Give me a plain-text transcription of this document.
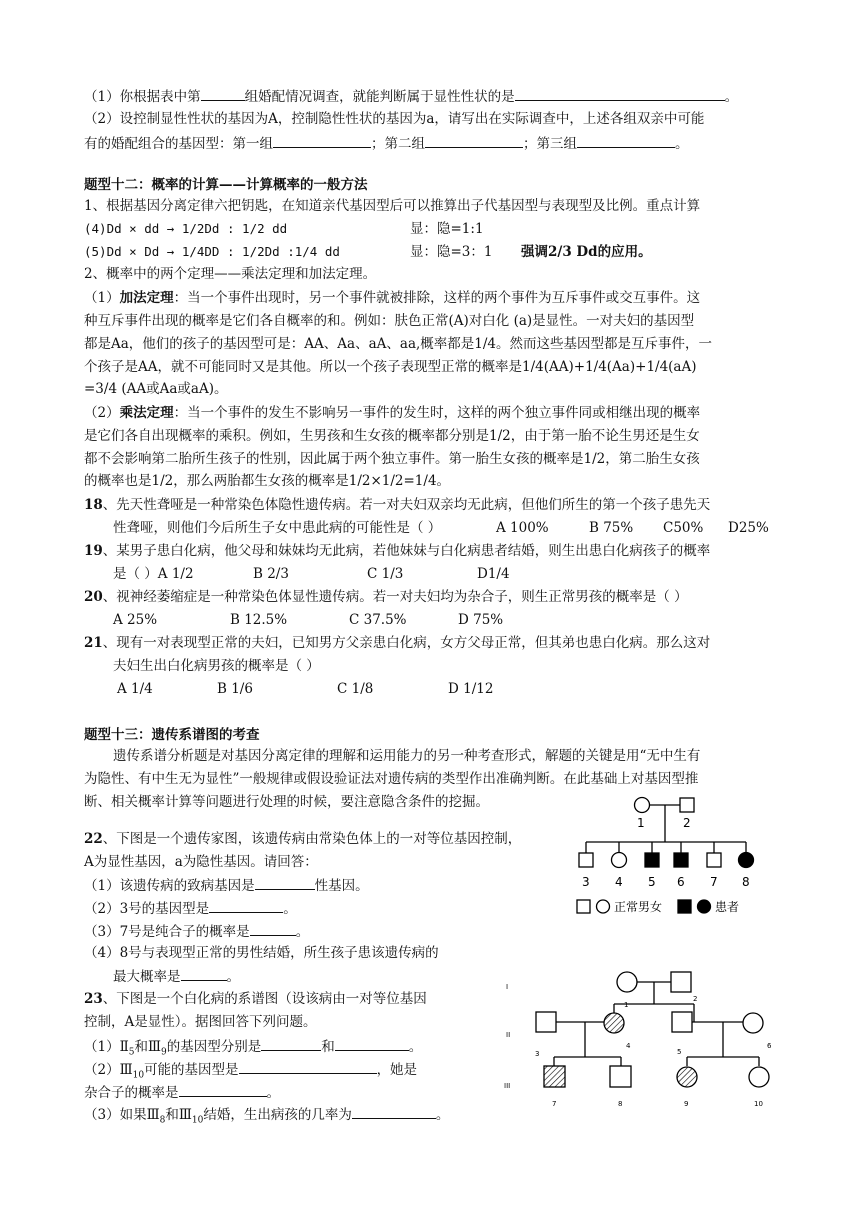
（1）你根据表中第	组婚配情况调查，就能判断属于显性性状的是	。
（2）设控制显性性状的基因为A，控制隐性性状的基因为a，请写出在实际调查中，上述各组双亲中可能
有的婚配组合的基因型：第一组	；第二组	；第三组	。
题型十二：概率的计算——计算概率的一般方法
1、根据基因分离定律六把钥匙，在知道亲代基因型后可以推算出子代基因型与表现型及比例。重点计算
(4)Dd × dd → 1/2Dd : 1/2 dd	显：隐=1:1
(5)Dd × Dd → 1/4DD : 1/2Dd :1/4 dd	显：隐=3：1 强调2/3 Dd的应用。
2、概率中的两个定理——乘法定理和加法定理。
（1）加法定理：当一个事件出现时，另一个事件就被排除，这样的两个事件为互斥事件或交互事件。这
种互斥事件出现的概率是它们各自概率的和。例如：肤色正常(A)对白化 (a)是显性。一对夫妇的基因型
都是Aa，他们的孩子的基因型可是：AA、Aa、aA、aa,概率都是1/4。然而这些基因型都是互斥事件，一
个孩子是AA，就不可能同时又是其他。所以一个孩子表现型正常的概率是1/4(AA)+1/4(Aa)+1/4(aA)
=3/4 (AA或Aa或aA)。
（2）乘法定理：当一个事件的发生不影响另一事件的发生时，这样的两个独立事件同或相继出现的概率
是它们各自出现概率的乘积。例如，生男孩和生女孩的概率都分别是1/2，由于第一胎不论生男还是生女
都不会影响第二胎所生孩子的性别，因此属于两个独立事件。第一胎生女孩的概率是1/2，第二胎生女孩
的概率也是1/2，那么两胎都生女孩的概率是1/2×1/2=1/4。
18、先天性聋哑是一种常染色体隐性遗传病。若一对夫妇双亲均无此病，但他们所生的第一个孩子患先天
性聋哑，则他们今后所生子女中患此病的可能性是（ ）	A 100%	B 75% C50% D25%
19、某男子患白化病，他父母和妹妹均无此病，若他妹妹与白化病患者结婚，则生出患白化病孩子的概率
是（ ）A 1/2	B 2/3	C 1/3	D1/4
20、视神经萎缩症是一种常染色体显性遗传病。若一对夫妇均为杂合子，则生正常男孩的概率是（ ）
A 25%	B 12.5%	C 37.5%	D 75%
21、现有一对表现型正常的夫妇，已知男方父亲患白化病，女方父母正常，但其弟也患白化病。那么这对
夫妇生出白化病男孩的概率是（ ）
A 1/4	B 1/6	C 1/8	D 1/12
题型十三：遗传系谱图的考查
遗传系谱分析题是对基因分离定律的理解和运用能力的另一种考查形式，解题的关键是用“无中生有
为隐性、有中生无为显性”一般规律或假设验证法对遗传病的类型作出准确判断。在此基础上对基因型推
断、相关概率计算等问题进行处理的时候，要注意隐含条件的挖掘。
22、下图是一个遗传家图，该遗传病由常染色体上的一对等位基因控制，
A为显性基因，a为隐性基因。请回答：
（1）该遗传病的致病基因是	性基因。
（2）3号的基因型是	。
（3）7号是纯合子的概率是	。
（4）8号与表现型正常的男性结婚，所生孩子患该遗传病的
最大概率是	。
23、下图是一个白化病的系谱图（设该病由一对等位基因
控制，A是显性）。据图回答下列问题。
$(1)Ⅱ_5$和$Ⅲ_9$的基因型分别是	和	。
$(2)Ⅲ_{10}$可能的基因型是	，她是
杂合子的概率是	。
（3）如果$Ⅲ_8$和$Ⅲ_{10}$结婚，生出病孩的几率为	。
1	2
3 4 5 6 7 8
正常男女	患者
I
II
III
1
2
3
4
5
6
7	8	9	10
